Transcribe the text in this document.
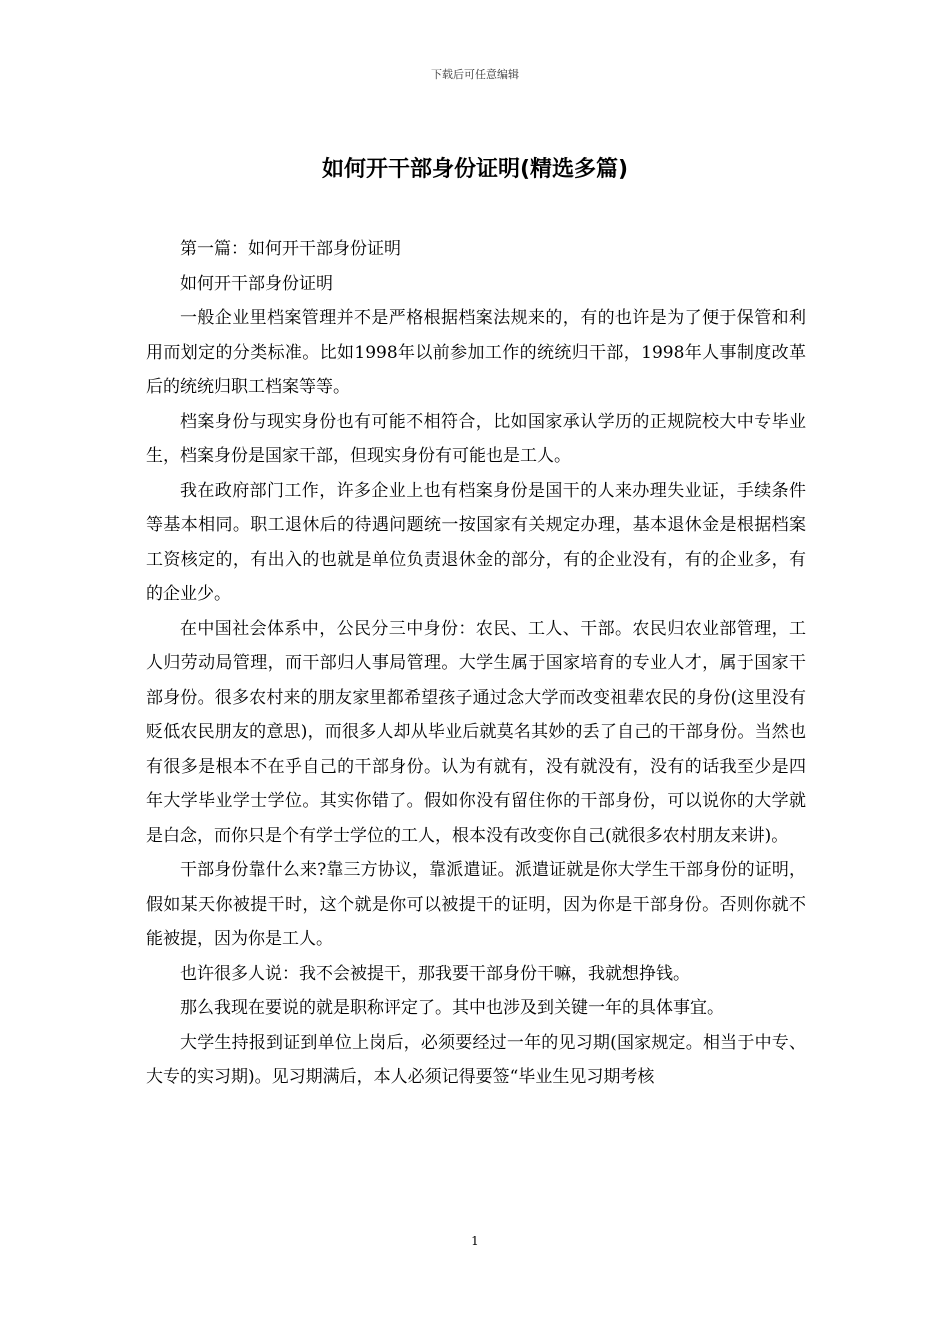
下载后可任意编辑
如何开干部身份证明(精选多篇)

第一篇：如何开干部身份证明

如何开干部身份证明

一般企业里档案管理并不是严格根据档案法规来的，有的也许是为了便于保管和利用而划定的分类标准。比如1998年以前参加工作的统统归干部，1998年人事制度改革后的统统归职工档案等等。

档案身份与现实身份也有可能不相符合，比如国家承认学历的正规院校大中专毕业生，档案身份是国家干部，但现实身份有可能也是工人。

我在政府部门工作，许多企业上也有档案身份是国干的人来办理失业证，手续条件等基本相同。职工退休后的待遇问题统一按国家有关规定办理，基本退休金是根据档案工资核定的，有出入的也就是单位负责退休金的部分，有的企业没有，有的企业多，有的企业少。

在中国社会体系中，公民分三中身份：农民、工人、干部。农民归农业部管理，工人归劳动局管理，而干部归人事局管理。大学生属于国家培育的专业人才，属于国家干部身份。很多农村来的朋友家里都希望孩子通过念大学而改变祖辈农民的身份(这里没有贬低农民朋友的意思)，而很多人却从毕业后就莫名其妙的丢了自己的干部身份。当然也有很多是根本不在乎自己的干部身份。认为有就有，没有就没有，没有的话我至少是四年大学毕业学士学位。其实你错了。假如你没有留住你的干部身份，可以说你的大学就是白念，而你只是个有学士学位的工人，根本没有改变你自己(就很多农村朋友来讲)。

干部身份靠什么来?靠三方协议，靠派遣证。派遣证就是你大学生干部身份的证明，假如某天你被提干时，这个就是你可以被提干的证明，因为你是干部身份。否则你就不能被提，因为你是工人。

也许很多人说：我不会被提干，那我要干部身份干嘛，我就想挣钱。

那么我现在要说的就是职称评定了。其中也涉及到关键一年的具体事宜。

大学生持报到证到单位上岗后，必须要经过一年的见习期(国家规定。相当于中专、大专的实习期)。见习期满后，本人必须记得要签“毕业生见习期考核

1
